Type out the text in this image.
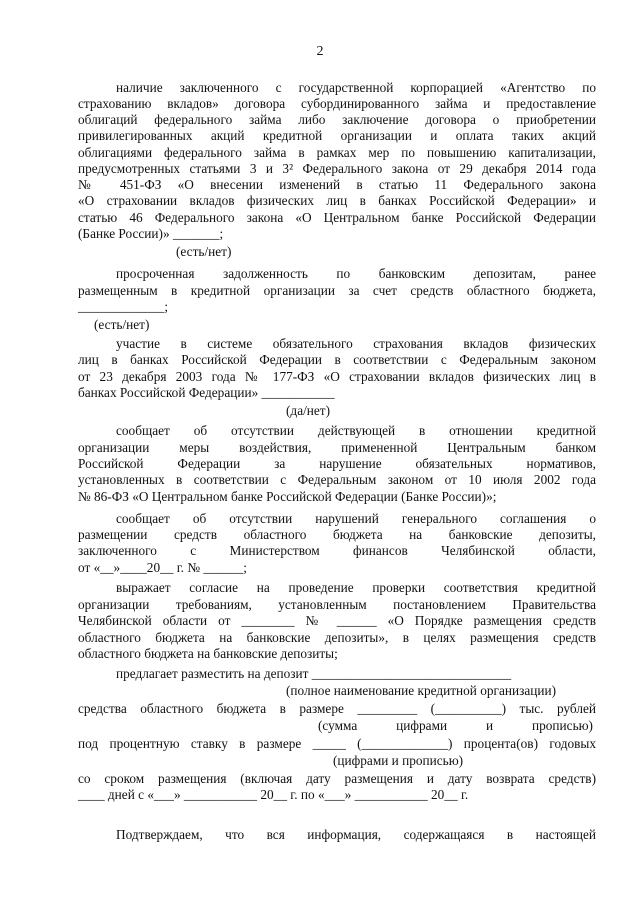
2
наличие заключенного с государственной корпорацией «Агентство по
страхованию вкладов» договора субординированного займа и предоставление
облигаций федерального займа либо заключение договора о приобретении
привилегированных акций кредитной организации и оплата таких акций
облигациями федерального займа в рамках мер по повышению капитализации,
предусмотренных статьями 3 и 3² Федерального закона от 29 декабря 2014 года
№ 451-ФЗ «О внесении изменений в статью 11 Федерального закона
«О страховании вкладов физических лиц в банках Российской Федерации» и
статью 46 Федерального закона «О Центральном банке Российской Федерации
(Банке России)» _______;
(есть/нет)
просроченная задолженность по банковским депозитам, ранее
размещенным в кредитной организации за счет средств областного бюджета,
_____________;
(есть/нет)
участие в системе обязательного страхования вкладов физических
лиц в банках Российской Федерации в соответствии с Федеральным законом
от 23 декабря 2003 года № 177-ФЗ «О страховании вкладов физических лиц в
банках Российской Федерации» ___________
(да/нет)
сообщает об отсутствии действующей в отношении кредитной
организации меры воздействия, примененной Центральным банком
Российской Федерации за нарушение обязательных нормативов,
установленных в соответствии с Федеральным законом от 10 июля 2002 года
№ 86-ФЗ «О Центральном банке Российской Федерации (Банке России)»;
сообщает об отсутствии нарушений генерального соглашения о
размещении средств областного бюджета на банковские депозиты,
заключенного с Министерством финансов Челябинской области,
от «__»____20__ г. № ______;
выражает согласие на проведение проверки соответствия кредитной
организации требованиям, установленным постановлением Правительства
Челябинской области от ________ № ______ «О Порядке размещения средств
областного бюджета на банковские депозиты», в целях размещения средств
областного бюджета на банковские депозиты;
предлагает разместить на депозит ______________________________
(полное наименование кредитной организации)
средства областного бюджета в размере _________ (__________) тыс. рублей
(сумма цифрами и прописью)
под процентную ставку в размере _____ (_____________) процента(ов) годовых
(цифрами и прописью)
со сроком размещения (включая дату размещения и дату возврата средств)
____ дней с «___» ___________ 20__ г. по «___» ___________ 20__ г.
Подтверждаем, что вся информация, содержащаяся в настоящей
